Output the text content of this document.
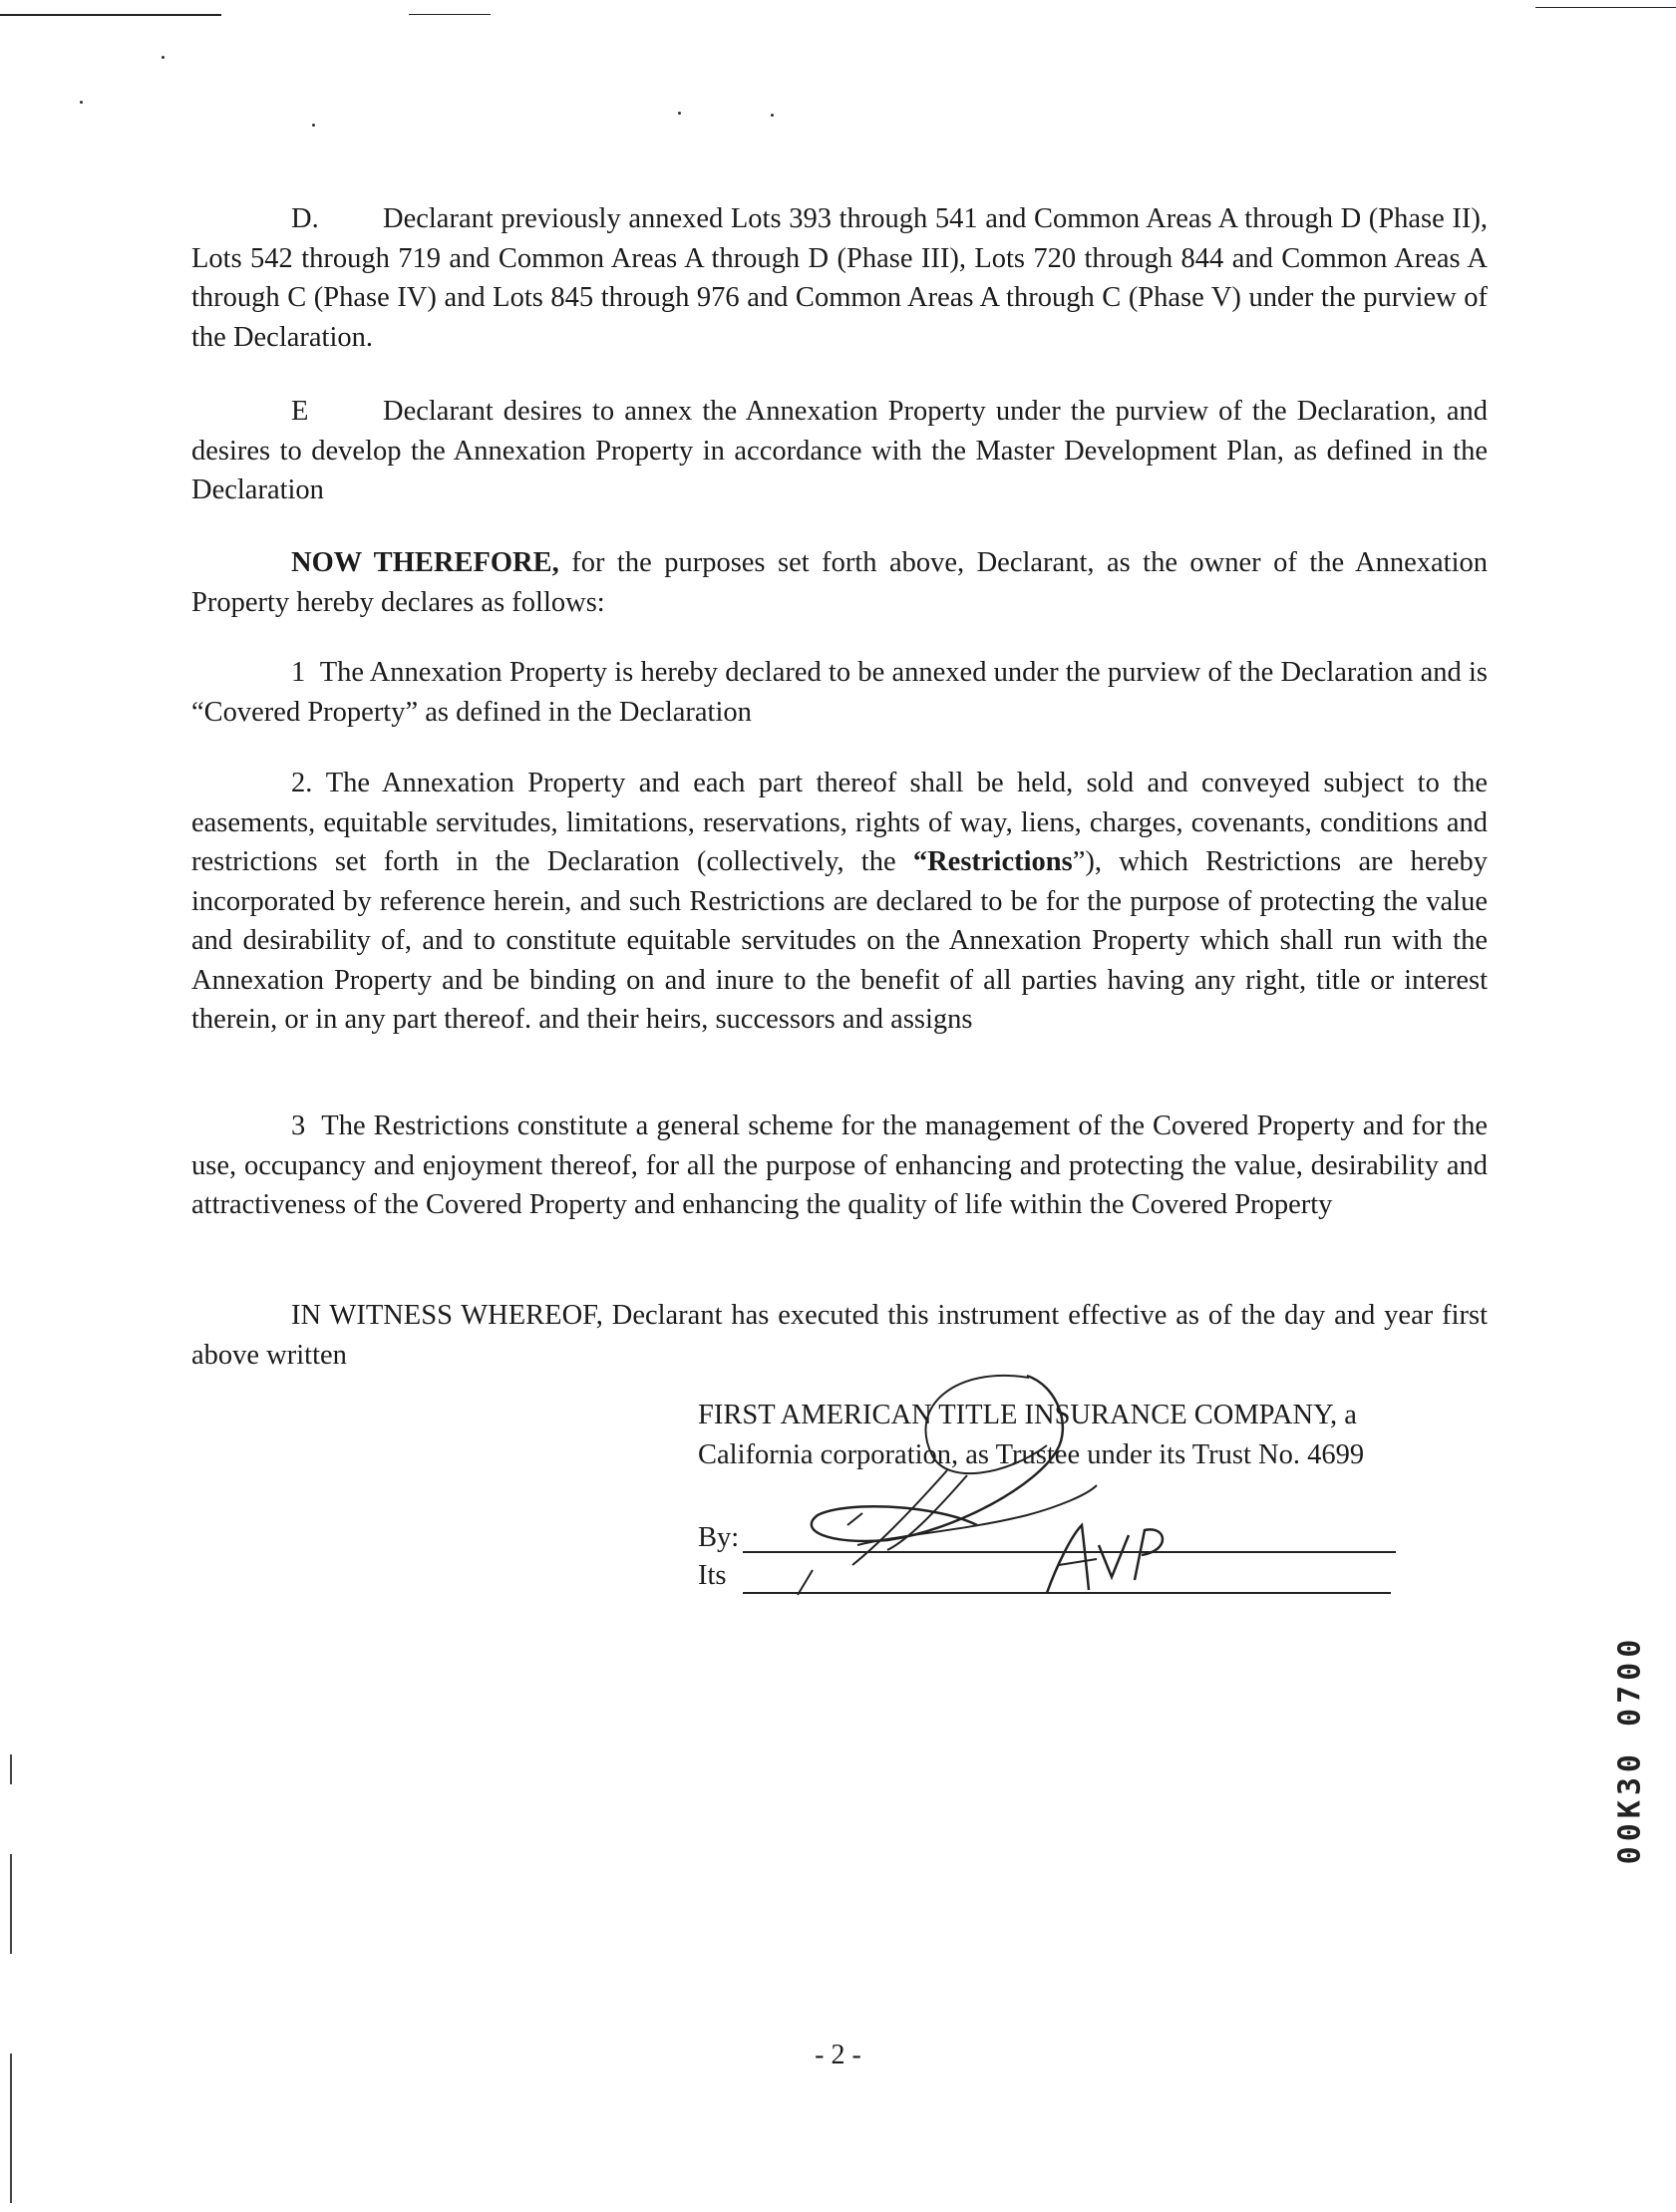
D. Declarant previously annexed Lots 393 through 541 and Common Areas A through D (Phase II), Lots 542 through 719 and Common Areas A through D (Phase III), Lots 720 through 844 and Common Areas A through C (Phase IV) and Lots 845 through 976 and Common Areas A through C (Phase V) under the purview of the Declaration.

E	Declarant desires to annex the Annexation Property under the purview of the Declaration, and desires to develop the Annexation Property in accordance with the Master Development Plan, as defined in the Declaration

NOW THEREFORE, for the purposes set forth above, Declarant, as the owner of the Annexation Property hereby declares as follows:

1 The Annexation Property is hereby declared to be annexed under the purview of the Declaration and is “Covered Property” as defined in the Declaration

2. The Annexation Property and each part thereof shall be held, sold and conveyed subject to the easements, equitable servitudes, limitations, reservations, rights of way, liens, charges, covenants, conditions and restrictions set forth in the Declaration (collectively, the “Restrictions”), which Restrictions are hereby incorporated by reference herein, and such Restrictions are declared to be for the purpose of protecting the value and desirability of, and to constitute equitable servitudes on the Annexation Property which shall run with the Annexation Property and be binding on and inure to the benefit of all parties having any right, title or interest therein, or in any part thereof. and their heirs, successors and assigns

3 The Restrictions constitute a general scheme for the management of the Covered Property and for the use, occupancy and enjoyment thereof, for all the purpose of enhancing and protecting the value, desirability and attractiveness of the Covered Property and enhancing the quality of life within the Covered Property

IN WITNESS WHEREOF, Declarant has executed this instrument effective as of the day and year first above written

FIRST AMERICAN TITLE INSURANCE COMPANY, a
California corporation, as Trustee under its Trust No. 4699
By:
Its
00K30 0700
- 2 -
